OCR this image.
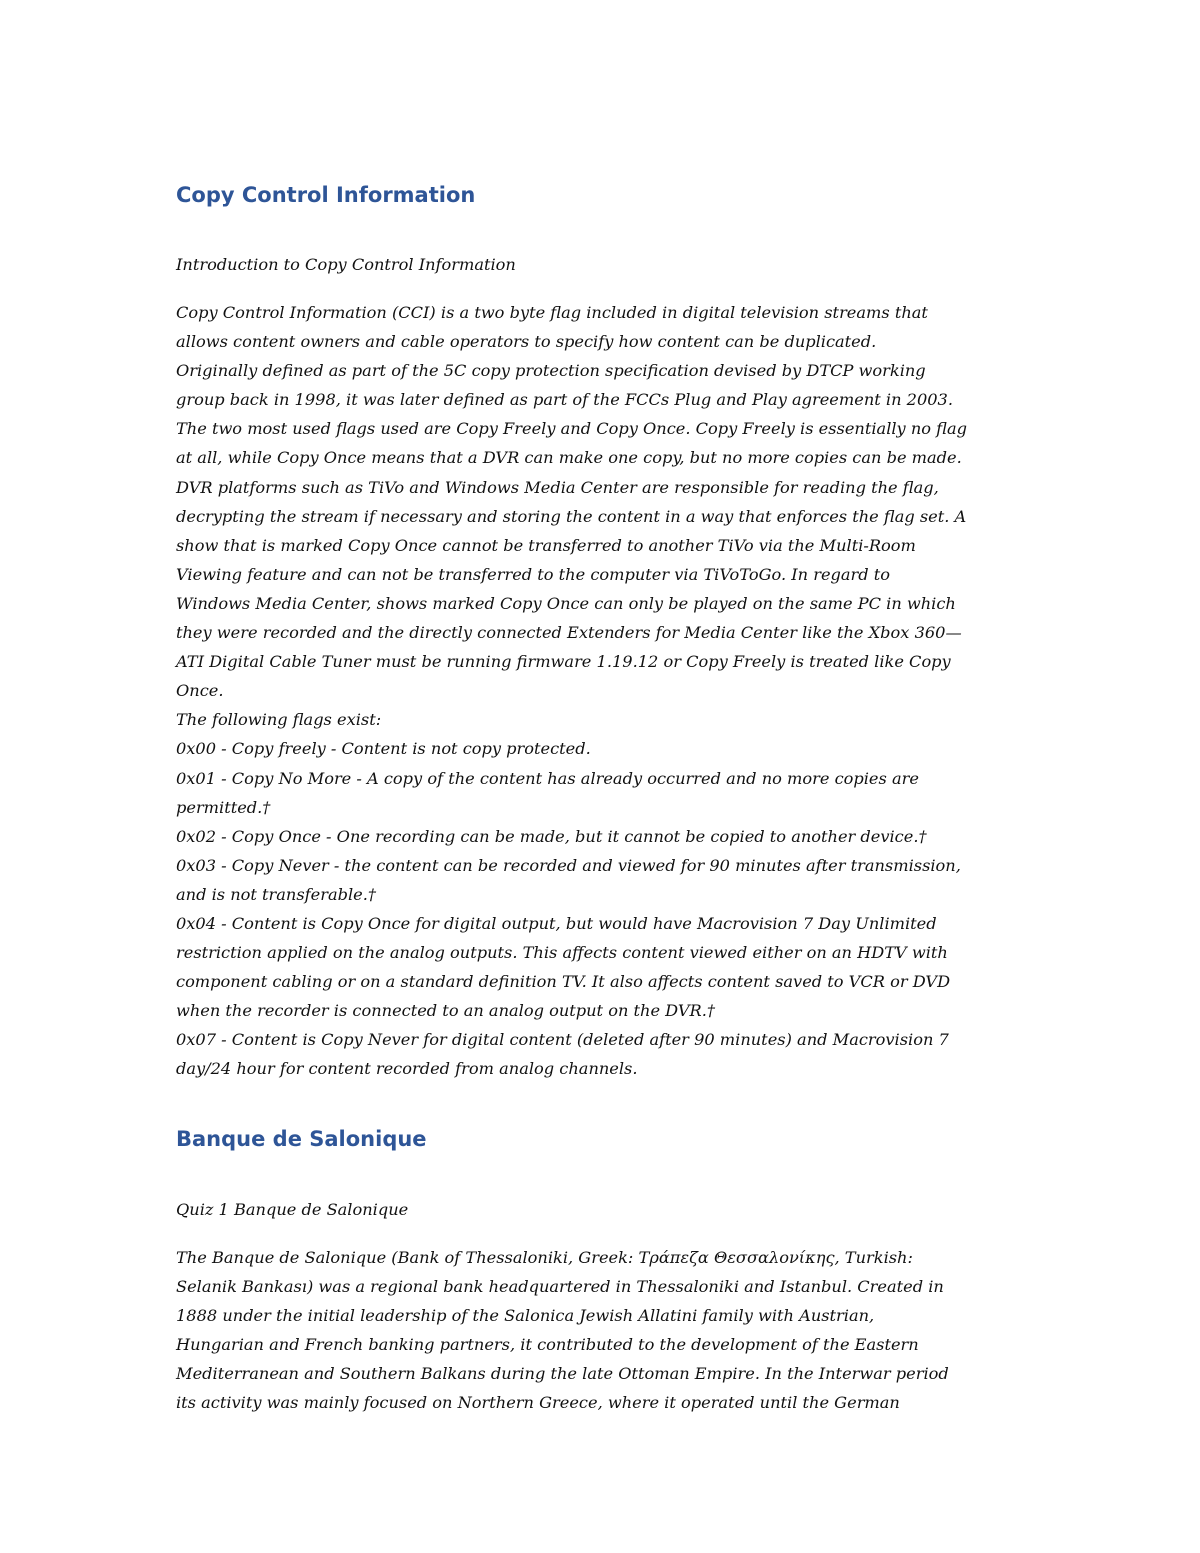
Copy Control Information

Introduction to Copy Control Information

Copy Control Information (CCI) is a two byte flag included in digital television streams that
allows content owners and cable operators to specify how content can be duplicated.
Originally defined as part of the 5C copy protection specification devised by DTCP working
group back in 1998, it was later defined as part of the FCCs Plug and Play agreement in 2003.
The two most used flags used are Copy Freely and Copy Once. Copy Freely is essentially no flag
at all, while Copy Once means that a DVR can make one copy, but no more copies can be made.
DVR platforms such as TiVo and Windows Media Center are responsible for reading the flag,
decrypting the stream if necessary and storing the content in a way that enforces the flag set. A
show that is marked Copy Once cannot be transferred to another TiVo via the Multi-Room
Viewing feature and can not be transferred to the computer via TiVoToGo. In regard to
Windows Media Center, shows marked Copy Once can only be played on the same PC in which
they were recorded and the directly connected Extenders for Media Center like the Xbox 360—
ATI Digital Cable Tuner must be running firmware 1.19.12 or Copy Freely is treated like Copy
Once.
The following flags exist:
0x00 - Copy freely - Content is not copy protected.
0x01 - Copy No More - A copy of the content has already occurred and no more copies are
permitted.†
0x02 - Copy Once - One recording can be made, but it cannot be copied to another device.†
0x03 - Copy Never - the content can be recorded and viewed for 90 minutes after transmission,
and is not transferable.†
0x04 - Content is Copy Once for digital output, but would have Macrovision 7 Day Unlimited
restriction applied on the analog outputs. This affects content viewed either on an HDTV with
component cabling or on a standard definition TV. It also affects content saved to VCR or DVD
when the recorder is connected to an analog output on the DVR.†
0x07 - Content is Copy Never for digital content (deleted after 90 minutes) and Macrovision 7
day/24 hour for content recorded from analog channels.
Banque de Salonique

Quiz 1 Banque de Salonique

The Banque de Salonique (Bank of Thessaloniki, Greek: Τράπεζα Θεσσαλονίκης, Turkish:
Selanik Bankası) was a regional bank headquartered in Thessaloniki and Istanbul. Created in
1888 under the initial leadership of the Salonica Jewish Allatini family with Austrian,
Hungarian and French banking partners, it contributed to the development of the Eastern
Mediterranean and Southern Balkans during the late Ottoman Empire. In the Interwar period
its activity was mainly focused on Northern Greece, where it operated until the German
